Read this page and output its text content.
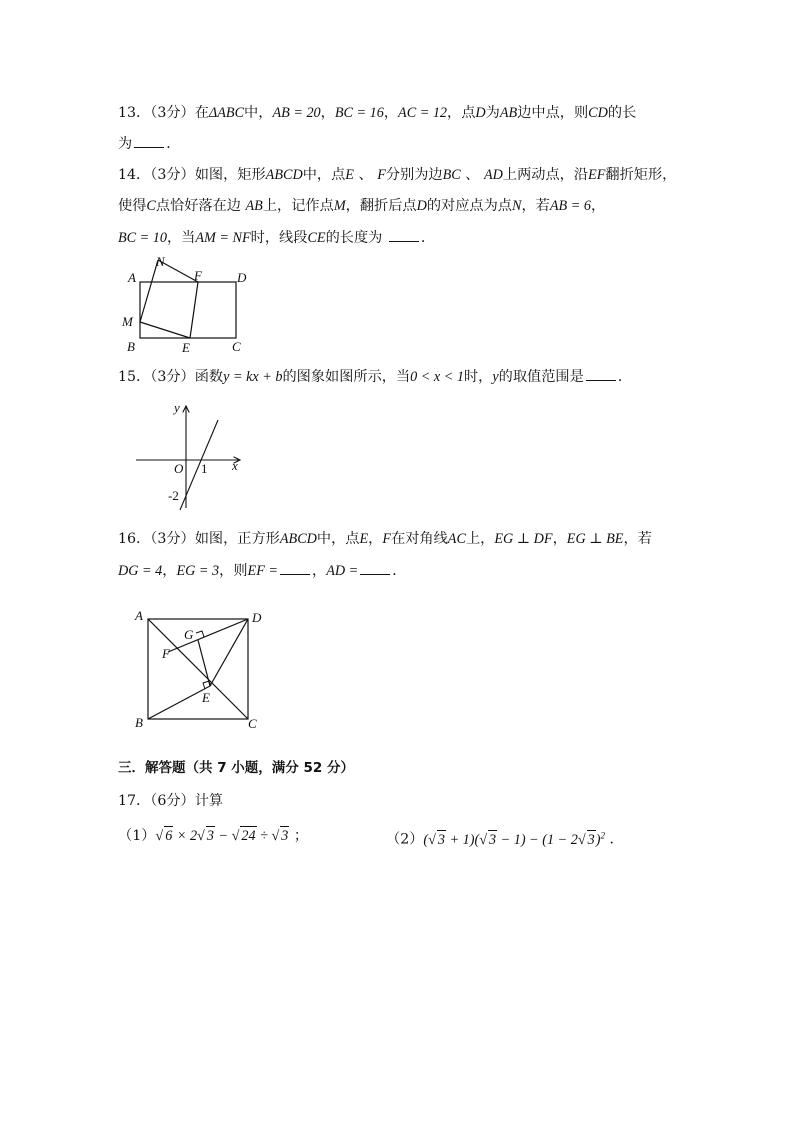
13．（3分）在ΔABC中，AB = 20，BC = 16，AC = 12，点D为AB边中点，则CD的长
为 ．
14．（3分）如图，矩形ABCD中，点E 、 F分别为边BC 、 AD上两动点，沿EF翻折矩形，
使得C点恰好落在边 AB上，记作点M，翻折后点D的对应点为点N，若AB = 6，
BC = 10，当AM = NF时，线段CE的长度为	．
A
N
F	D
M
B	E	C
15．（3分）函数y = kx + b的图象如图所示，当0 < x < 1时，y的取值范围是 ．
y
x
O 1
-2
16．（3分）如图，正方形ABCD中，点E，F在对角线AC上，EG ⊥ DF，EG ⊥ BE，若
DG = 4，EG = 3，则EF = ，AD = ．
A	D
G
F
E
B	C
三．解答题（共 7 小题，满分 52 分）
17．（6分）计算
（1）√ 6 × 2√ 3 − √ 24 ÷ √ 3 ；	（2）(√ 3 + 1)(√ 3 − 1) − (1 − 2√ 3)$^2$ ．
